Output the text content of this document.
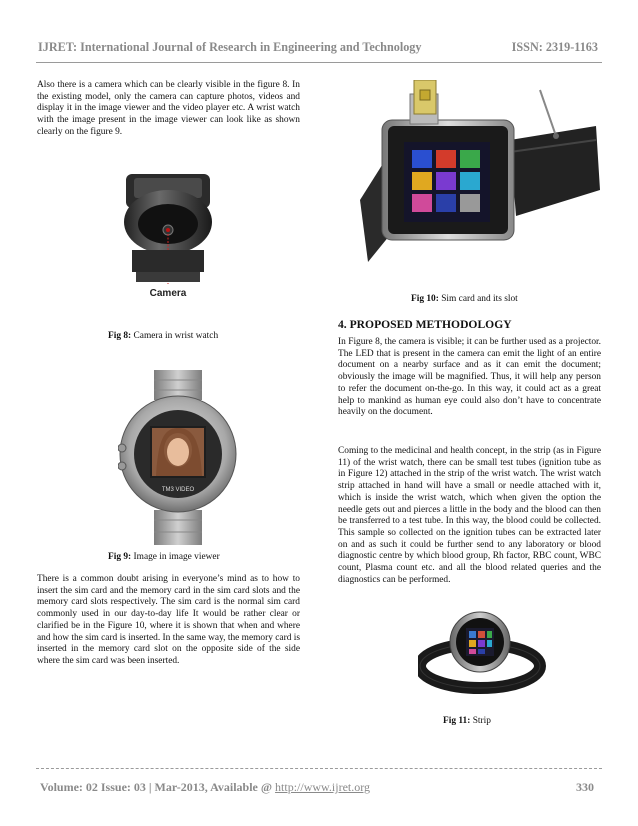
IJRET: International Journal of Research in Engineering and Technology	ISSN: 2319-1163

Also there is a camera which can be clearly visible in the figure 8. In the existing model, only the camera can capture photos, videos and display it in the image viewer and the video player etc. A wrist watch with the image present in the image viewer can look like as shown clearly on the figure 9.

Camera
Fig 8: Camera in wrist watch
TM3 VIDEO
Fig 9: Image in image viewer

There is a common doubt arising in everyone’s mind as to how to insert the sim card and the memory card in the sim card slots and the memory card slots respectively. The sim card is the normal sim card commonly used in our day-to-day life It would be rather clear or clarified be in the Figure 10, where it is shown that when and where and how the sim card is inserted. In the same way, the memory card is inserted in the memory card slot on the opposite side of the side where the sim card was been inserted.

Fig 10: Sim card and its slot
4. PROPOSED METHODOLOGY

In Figure 8, the camera is visible; it can be further used as a projector. The LED that is present in the camera can emit the light of an entire document on a nearby surface and as it can emit the document; obviously the image will be magnified. Thus, it will help any person to refer the document on-the-go. In this way, it could act as a great help to mankind as human eye could also don’t have to concentrate heavily on the document.

Coming to the medicinal and health concept, in the strip (as in Figure 11) of the wrist watch, there can be small test tubes (ignition tube as in Figure 12) attached in the strip of the wrist watch. The wrist watch strip attached in hand will have a small or needle attached with it, which is inside the wrist watch, which when given the option the needle gets out and pierces a little in the body and the blood can then be transferred to a test tube. In this way, the blood could be collected. This sample so collected on the ignition tubes can be extracted later on and as such it could be further send to any laboratory or blood diagnostic centre by which blood group, Rh factor, RBC count, WBC count, Plasma count etc. and all the blood related queries and the diagnostics can be performed.

Fig 11: Strip
Volume: 02 Issue: 03 | Mar-2013, Available @ http://www.ijret.org	330
